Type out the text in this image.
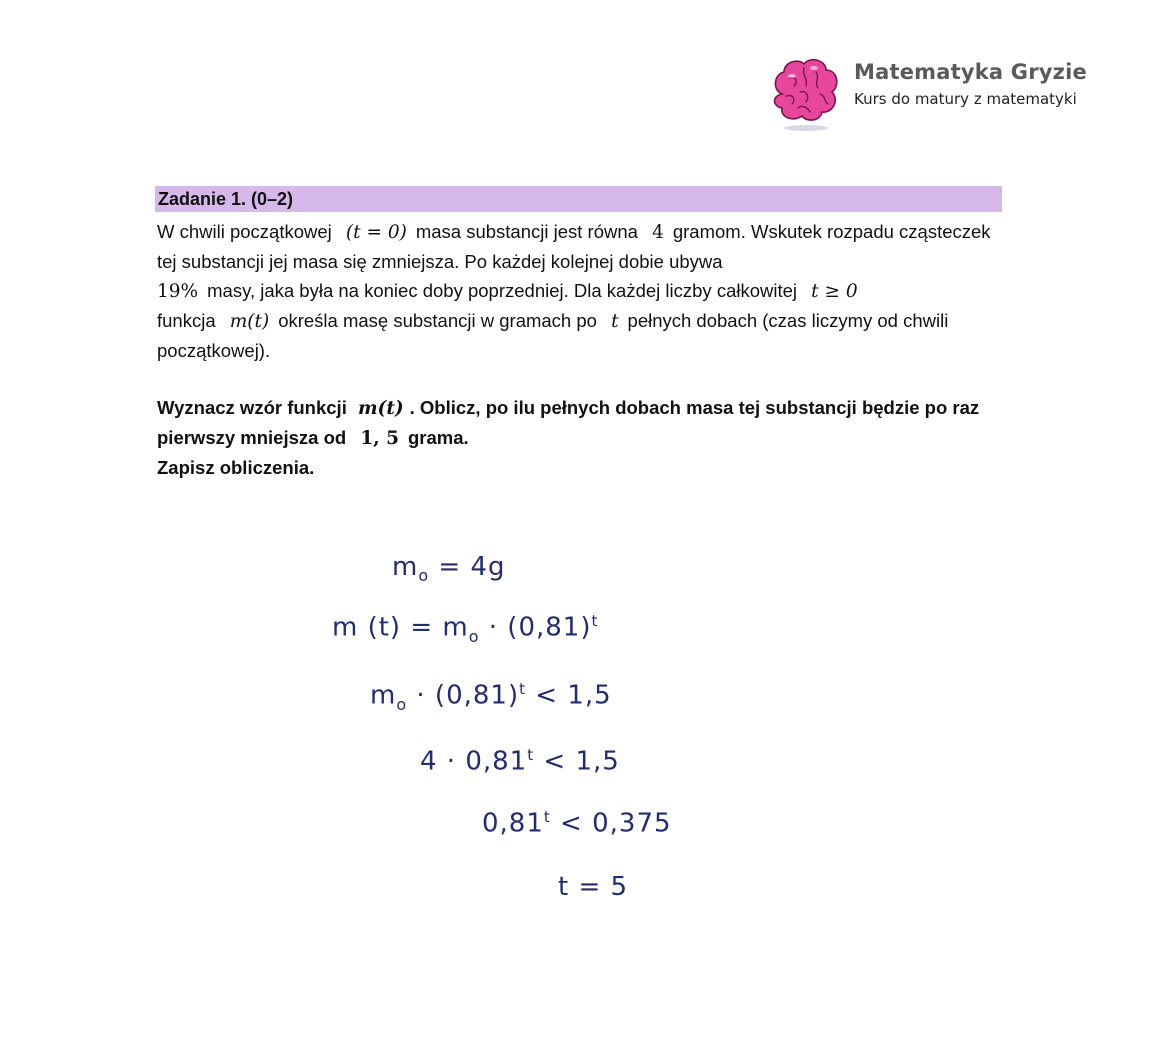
Matematyka Gryzie
Kurs do matury z matematyki
Zadanie 1. (0–2)

W chwili początkowej (t = 0) masa substancji jest równa 4 gramom. Wskutek rozpadu cząsteczek tej substancji jej masa się zmniejsza. Po każdej kolejnej dobie ubywa
19% masy, jaka była na koniec doby poprzedniej. Dla każdej liczby całkowitej t ≥ 0
funkcja m(t) określa masę substancji w gramach po t pełnych dobach (czas liczymy od chwili początkowej).

Wyznacz wzór funkcji m(t) . Oblicz, po ilu pełnych dobach masa tej substancji będzie po raz pierwszy mniejsza od 1, 5 grama.
Zapisz obliczenia.

$m_o = 4g$
m $(t) = m_o \cdot (0,81)^t$
$m_o \cdot (0,81)^t < 1,5$
$4 \cdot 0,81^t < 1,5$
$0,81^t < 0,375$
t = 5
